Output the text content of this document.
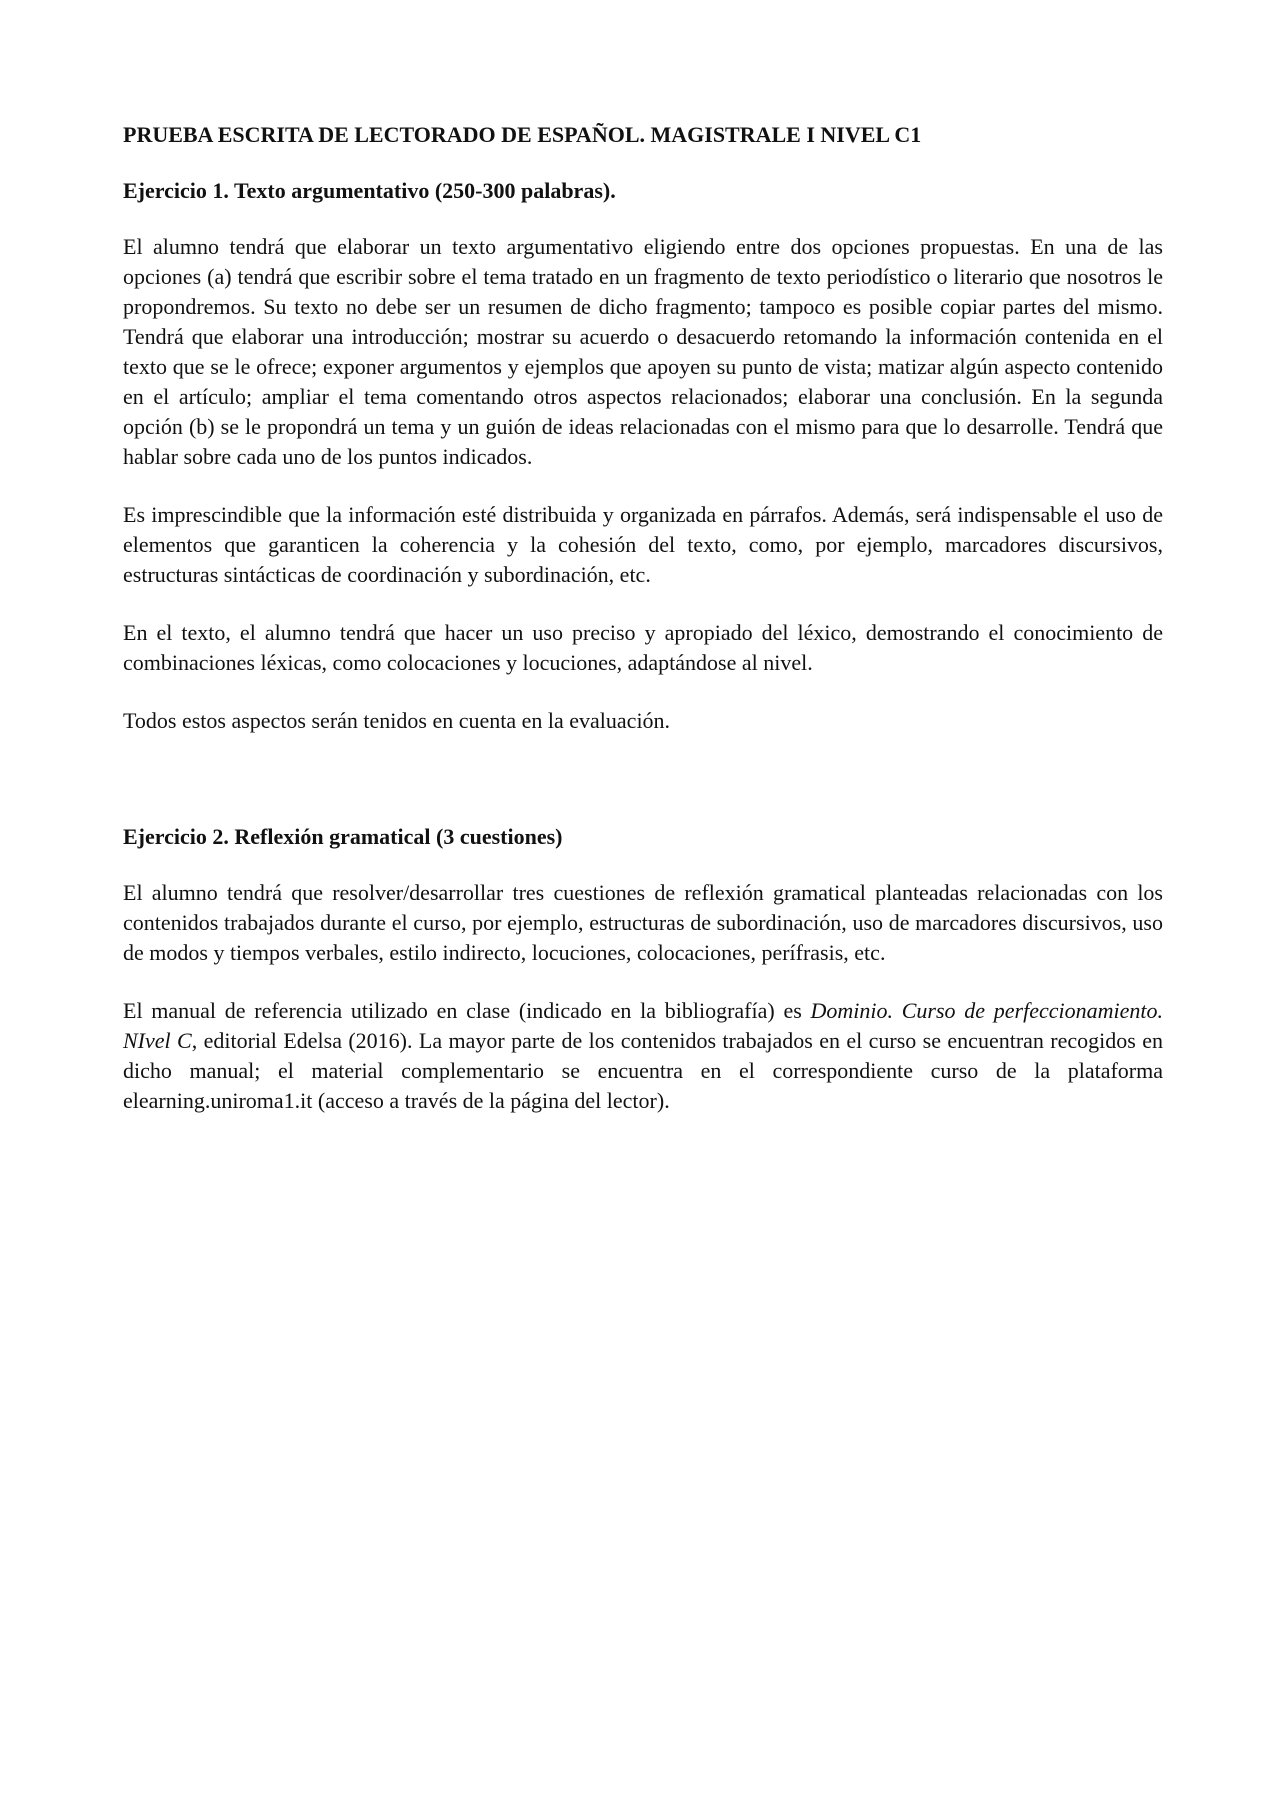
PRUEBA ESCRITA DE LECTORADO DE ESPAÑOL. MAGISTRALE I NIVEL C1
Ejercicio 1. Texto argumentativo (250-300 palabras).

El alumno tendrá que elaborar un texto argumentativo eligiendo entre dos opciones propuestas. En una de las opciones (a) tendrá que escribir sobre el tema tratado en un fragmento de texto periodístico o literario que nosotros le propondremos. Su texto no debe ser un resumen de dicho fragmento; tampoco es posible copiar partes del mismo. Tendrá que elaborar una introducción; mostrar su acuerdo o desacuerdo retomando la información contenida en el texto que se le ofrece; exponer argumentos y ejemplos que apoyen su punto de vista; matizar algún aspecto contenido en el artículo; ampliar el tema comentando otros aspectos relacionados; elaborar una conclusión. En la segunda opción (b) se le propondrá un tema y un guión de ideas relacionadas con el mismo para que lo desarrolle. Tendrá que hablar sobre cada uno de los puntos indicados.

Es imprescindible que la información esté distribuida y organizada en párrafos. Además, será indispensable el uso de elementos que garanticen la coherencia y la cohesión del texto, como, por ejemplo, marcadores discursivos, estructuras sintácticas de coordinación y subordinación, etc.

En el texto, el alumno tendrá que hacer un uso preciso y apropiado del léxico, demostrando el conocimiento de combinaciones léxicas, como colocaciones y locuciones, adaptándose al nivel.

Todos estos aspectos serán tenidos en cuenta en la evaluación.

Ejercicio 2. Reflexión gramatical (3 cuestiones)

El alumno tendrá que resolver/desarrollar tres cuestiones de reflexión gramatical planteadas relacionadas con los contenidos trabajados durante el curso, por ejemplo, estructuras de subordinación, uso de marcadores discursivos, uso de modos y tiempos verbales, estilo indirecto, locuciones, colocaciones, perífrasis, etc.

El manual de referencia utilizado en clase (indicado en la bibliografía) es Dominio. Curso de perfeccionamiento. NIvel C, editorial Edelsa (2016). La mayor parte de los contenidos trabajados en el curso se encuentran recogidos en dicho manual; el material complementario se encuentra en el correspondiente curso de la plataforma elearning.uniroma1.it (acceso a través de la página del lector).
